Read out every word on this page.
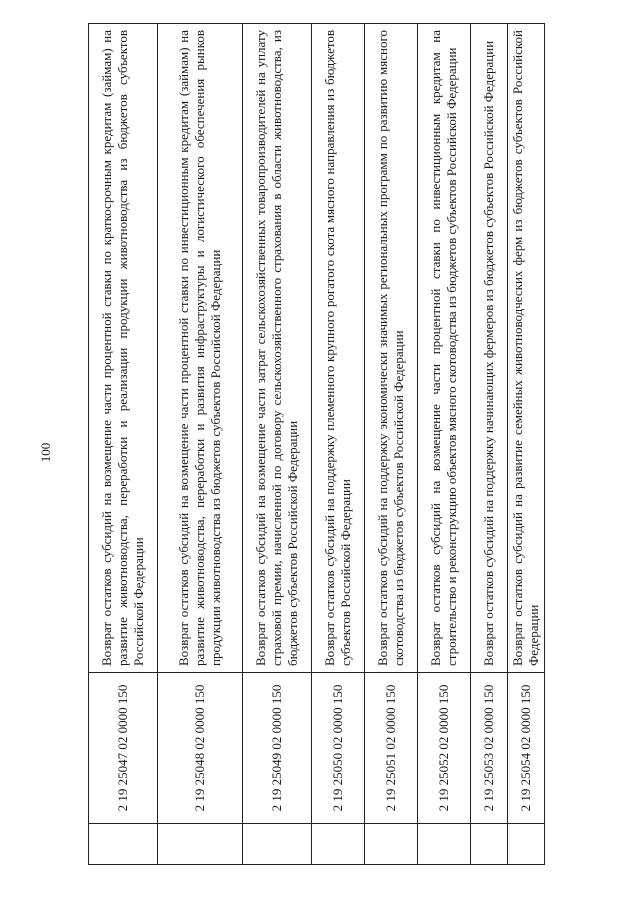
100
	2 19 25047 02 0000 150	Возврат остатков субсидий на возмещение части процентной ставки по краткосрочным кредитам (займам) на развитие животноводства, переработки и реализации продукции животноводства из бюджетов субъектов Российской Федерации
	2 19 25048 02 0000 150	Возврат остатков субсидий на возмещение части процентной ставки по инвестиционным кредитам (займам) на развитие животноводства, переработки и развития инфраструктуры и логистического обеспечения рынков продукции животноводства из бюджетов субъектов Российской Федерации
	2 19 25049 02 0000 150	Возврат остатков субсидий на возмещение части затрат сельскохозяйственных товаропроизводителей на уплату страховой премии, начисленной по договору сельскохозяйственного страхования в области животноводства, из бюджетов субъектов Российской Федерации
	2 19 25050 02 0000 150	Возврат остатков субсидий на поддержку племенного крупного рогатого скота мясного направления из бюджетов субъектов Российской Федерации
	2 19 25051 02 0000 150	Возврат остатков субсидий на поддержку экономически значимых региональных программ по развитию мясного скотоводства из бюджетов субъектов Российской Федерации
	2 19 25052 02 0000 150	Возврат остатков субсидий на возмещение части процентной ставки по инвестиционным кредитам на строительство и реконструкцию объектов мясного скотоводства из бюджетов субъектов Российской Федерации
	2 19 25053 02 0000 150	Возврат остатков субсидий на поддержку начинающих фермеров из бюджетов субъектов Российской Федерации
	2 19 25054 02 0000 150	Возврат остатков субсидий на развитие семейных животноводческих ферм из бюджетов субъектов Российской Федерации
